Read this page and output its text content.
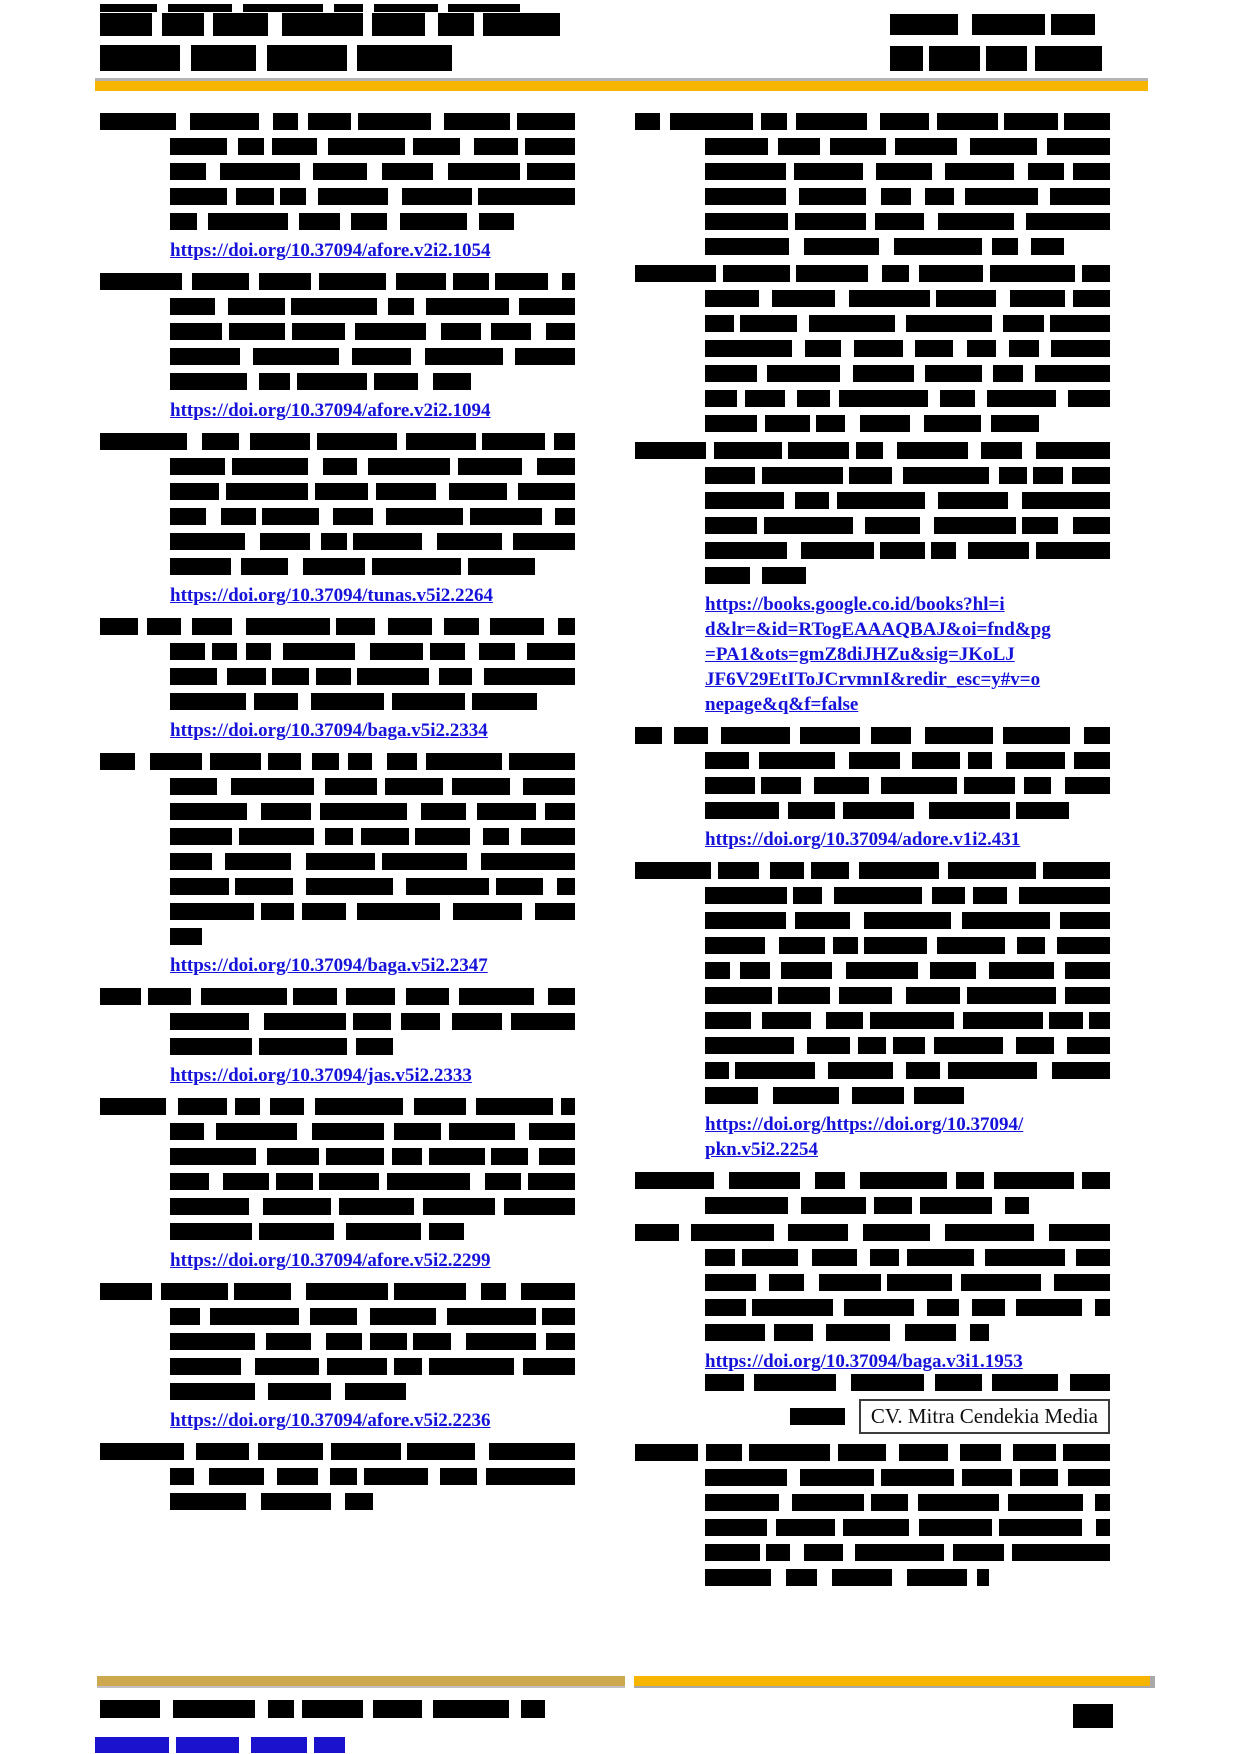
https://doi.org/10.37094/afore.v2i2.1054
https://doi.org/10.37094/afore.v2i2.1094
https://doi.org/10.37094/tunas.v5i2.2264
https://doi.org/10.37094/baga.v5i2.2334
https://doi.org/10.37094/baga.v5i2.2347
https://doi.org/10.37094/jas.v5i2.2333
https://doi.org/10.37094/afore.v5i2.2299
https://doi.org/10.37094/afore.v5i2.2236
https://books.google.co.id/books?hl=i
d&lr=&id=RTogEAAAQBAJ&oi=fnd&pg
=PA1&ots=gmZ8diJHZu&sig=JKoLJ
JF6V29EtIToJCrvmnI&redir_esc=y#v=o
nepage&q&f=false
https://doi.org/10.37094/adore.v1i2.431
https://doi.org/https://doi.org/10.37094/
pkn.v5i2.2254
https://doi.org/10.37094/baga.v3i1.1953
CV. Mitra Cendekia Media
